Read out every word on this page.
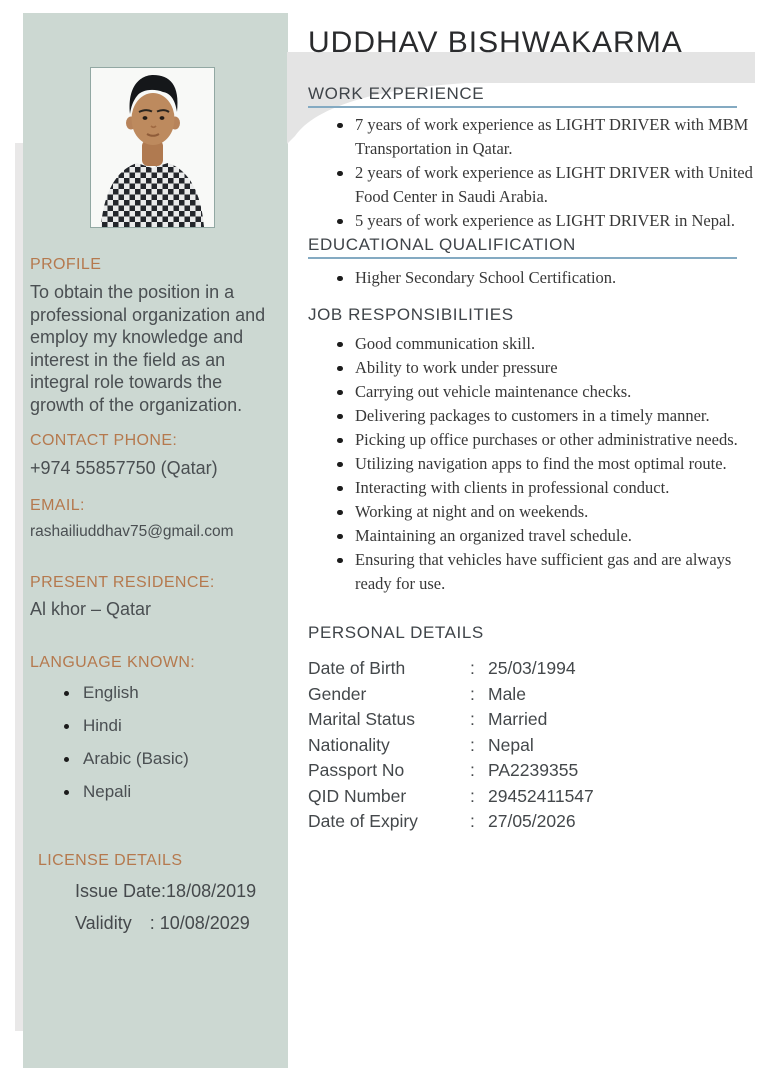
PROFILE

To obtain the position in a professional organization and employ my knowledge and interest in the field as an integral role towards the growth of the organization.

CONTACT PHONE:

+974 55857750 (Qatar)

EMAIL:

rashailiuddhav75@gmail.com

PRESENT RESIDENCE:

Al khor – Qatar

LANGUAGE KNOWN:
English
Hindi
Arabic (Basic)
Nepali
LICENSE DETAILS

Issue Date:18/08/2019

Validity : 10/08/2029

UDDHAV BISHWAKARMA
WORK EXPERIENCE
7 years of work experience as LIGHT DRIVER with MBM Transportation in Qatar.
2 years of work experience as LIGHT DRIVER with United Food Center in Saudi Arabia.
5 years of work experience as LIGHT DRIVER in Nepal.
EDUCATIONAL QUALIFICATION
Higher Secondary School Certification.
JOB RESPONSIBILITIES
Good communication skill.
Ability to work under pressure
Carrying out vehicle maintenance checks.
Delivering packages to customers in a timely manner.
Picking up office purchases or other administrative needs.
Utilizing navigation apps to find the most optimal route.
Interacting with clients in professional conduct.
Working at night and on weekends.
Maintaining an organized travel schedule.
Ensuring that vehicles have sufficient gas and are always ready for use.
PERSONAL DETAILS
Date of Birth	: 25/03/1994
Gender	: Male
Marital Status	: Married
Nationality	: Nepal
Passport No	: PA2239355
QID Number	: 29452411547
Date of Expiry	: 27/05/2026
